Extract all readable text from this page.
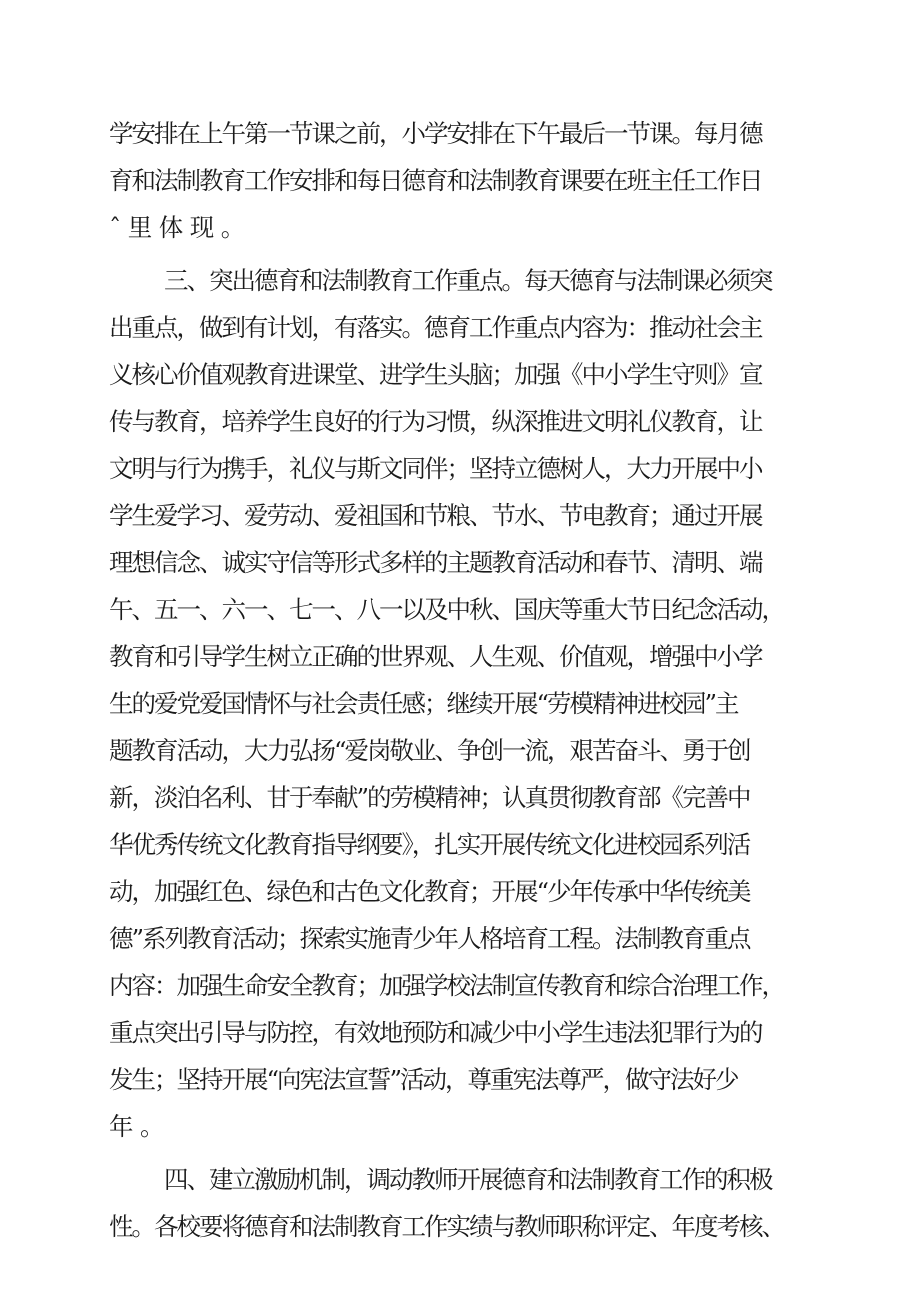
学安排在上午第一节课之前，小学安排在下午最后一节课。每月德

育和法制教育工作安排和每日德育和法制教育课要在班主任工作日

ˆ里体现。

三、突出德育和法制教育工作重点。每天德育与法制课必须突

出重点，做到有计划，有落实。德育工作重点内容为：推动社会主

义核心价值观教育进课堂、进学生头脑；加强《中小学生守则》宣

传与教育，培养学生良好的行为习惯，纵深推进文明礼仪教育，让

文明与行为携手，礼仪与斯文同伴；坚持立德树人，大力开展中小

学生爱学习、爱劳动、爱祖国和节粮、节水、节电教育；通过开展

理想信念、诚实守信等形式多样的主题教育活动和春节、清明、端

午、五一、六一、七一、八一以及中秋、国庆等重大节日纪念活动，

教育和引导学生树立正确的世界观、人生观、价值观，增强中小学

生的爱党爱国情怀与社会责任感；继续开展“劳模精神进校园”主

题教育活动，大力弘扬“爱岗敬业、争创一流，艰苦奋斗、勇于创

新，淡泊名利、甘于奉献”的劳模精神；认真贯彻教育部《完善中

华优秀传统文化教育指导纲要》，扎实开展传统文化进校园系列活

动，加强红色、绿色和古色文化教育；开展“少年传承中华传统美

德”系列教育活动；探索实施青少年人格培育工程。法制教育重点

内容：加强生命安全教育；加强学校法制宣传教育和综合治理工作，

重点突出引导与防控，有效地预防和减少中小学生违法犯罪行为的

发生；坚持开展“向宪法宣誓”活动，尊重宪法尊严，做守法好少

年。

四、建立激励机制，调动教师开展德育和法制教育工作的积极

性。各校要将德育和法制教育工作实绩与教师职称评定、年度考核、
